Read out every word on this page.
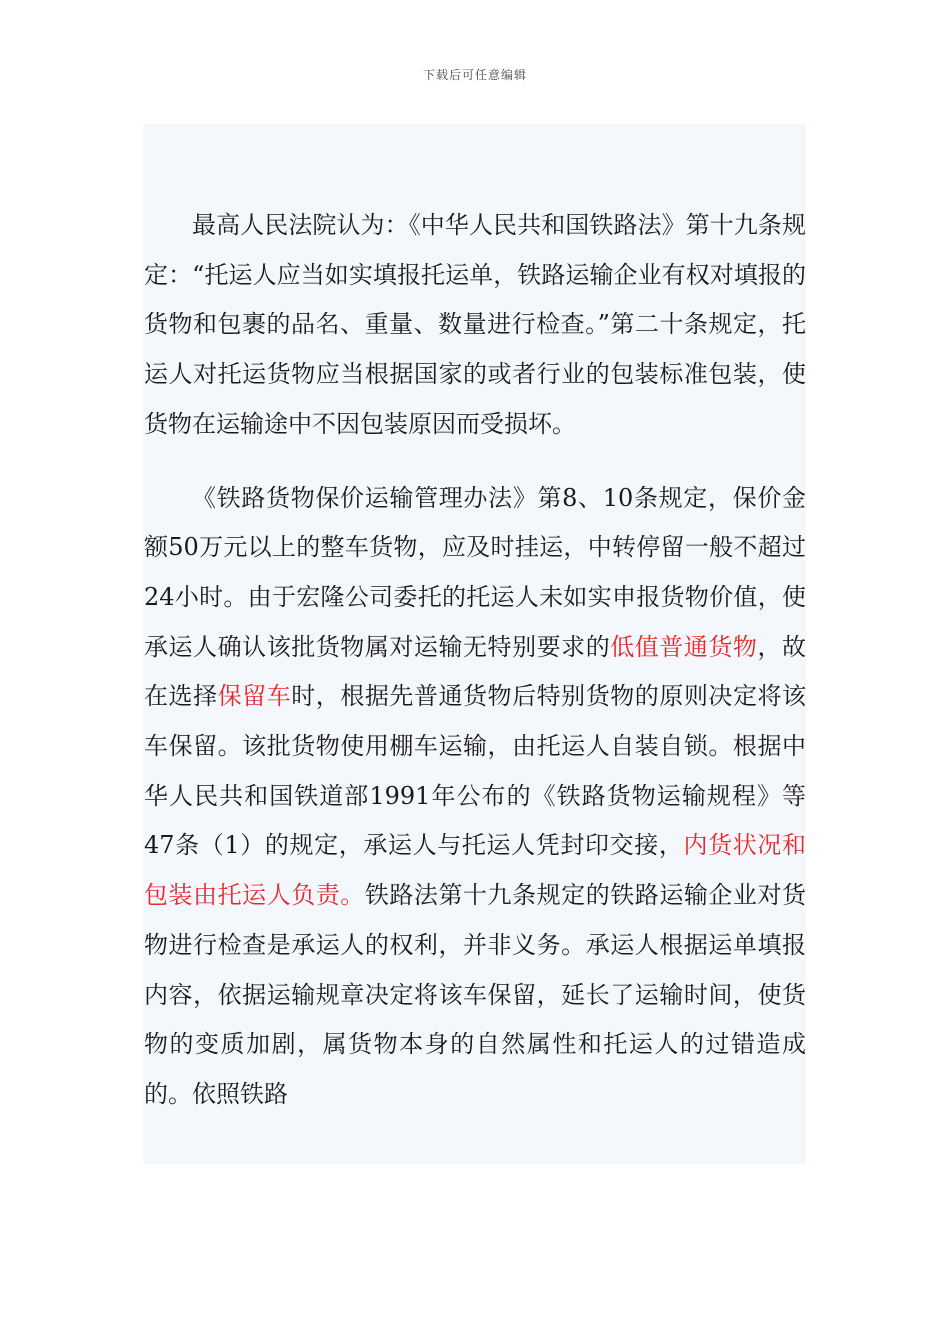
下载后可任意编辑

最高人民法院认为：《中华人民共和国铁路法》第十九条规定：“托运人应当如实填报托运单，铁路运输企业有权对填报的货物和包裹的品名、重量、数量进行检查。”第二十条规定，托运人对托运货物应当根据国家的或者行业的包装标准包装，使货物在运输途中不因包装原因而受损坏。

《铁路货物保价运输管理办法》第8、10条规定，保价金额50万元以上的整车货物，应及时挂运，中转停留一般不超过24小时。由于宏隆公司委托的托运人未如实申报货物价值，使承运人确认该批货物属对运输无特别要求的低值普通货物，故在选择保留车时，根据先普通货物后特别货物的原则决定将该车保留。该批货物使用棚车运输，由托运人自装自锁。根据中华人民共和国铁道部1991年公布的《铁路货物运输规程》等47条（1）的规定，承运人与托运人凭封印交接，内货状况和包装由托运人负责。铁路法第十九条规定的铁路运输企业对货物进行检查是承运人的权利，并非义务。承运人根据运单填报内容，依据运输规章决定将该车保留，延长了运输时间，使货物的变质加剧，属货物本身的自然属性和托运人的过错造成的。依照铁路
